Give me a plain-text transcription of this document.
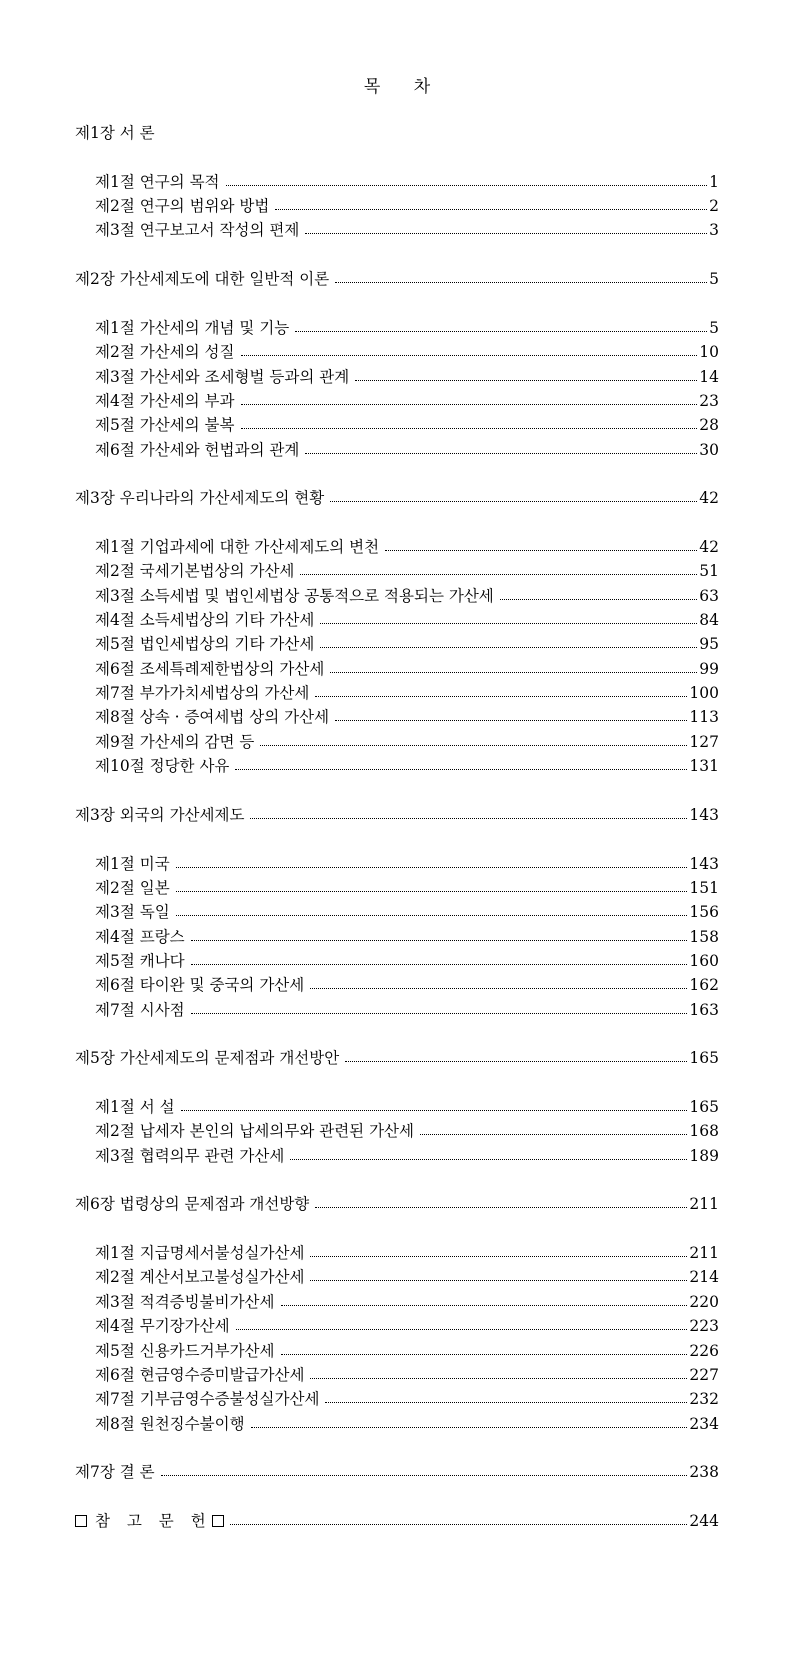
목 차
제1장 서 론
제1절 연구의 목적	1
제2절 연구의 범위와 방법	2
제3절 연구보고서 작성의 편제	3
제2장 가산세제도에 대한 일반적 이론	5
제1절 가산세의 개념 및 기능	5
제2절 가산세의 성질	10
제3절 가산세와 조세형벌 등과의 관계	14
제4절 가산세의 부과	23
제5절 가산세의 불복	28
제6절 가산세와 헌법과의 관계	30
제3장 우리나라의 가산세제도의 현황	42
제1절 기업과세에 대한 가산세제도의 변천	42
제2절 국세기본법상의 가산세	51
제3절 소득세법 및 법인세법상 공통적으로 적용되는 가산세	63
제4절 소득세법상의 기타 가산세	84
제5절 법인세법상의 기타 가산세	95
제6절 조세특례제한법상의 가산세	99
제7절 부가가치세법상의 가산세	100
제8절 상속 · 증여세법 상의 가산세	113
제9절 가산세의 감면 등	127
제10절 정당한 사유	131
제3장 외국의 가산세제도	143
제1절 미국	143
제2절 일본	151
제3절 독일	156
제4절 프랑스	158
제5절 캐나다	160
제6절 타이완 및 중국의 가산세	162
제7절 시사점	163
제5장 가산세제도의 문제점과 개선방안	165
제1절 서 설	165
제2절 납세자 본인의 납세의무와 관련된 가산세	168
제3절 협력의무 관련 가산세	189
제6장 법령상의 문제점과 개선방향	211
제1절 지급명세서불성실가산세	211
제2절 계산서보고불성실가산세	214
제3절 적격증빙불비가산세	220
제4절 무기장가산세	223
제5절 신용카드거부가산세	226
제6절 현금영수증미발급가산세	227
제7절 기부금영수증불성실가산세	232
제8절 원천징수불이행	234
제7장 결 론	238
참 고 문 헌	244
